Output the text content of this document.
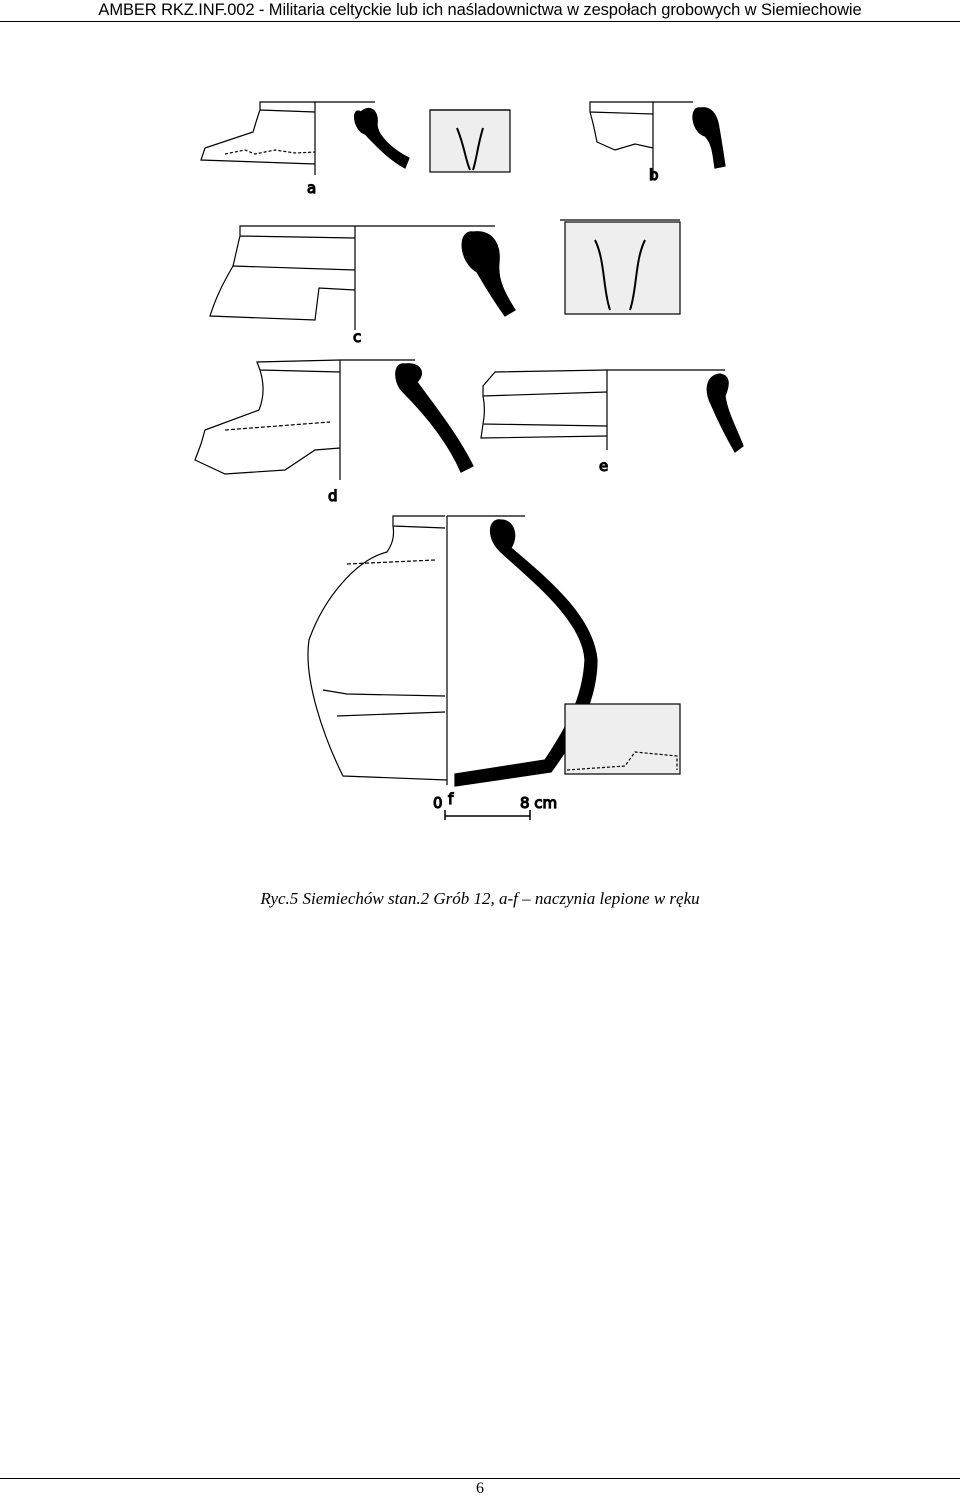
AMBER RKZ.INF.002 - Militaria celtyckie lub ich naśladownictwa w zespołach grobowych w Siemiechowie
a
b
c
d
e
0 f	8 cm
Ryc.5 Siemiechów stan.2 Grób 12, a-f – naczynia lepione w ręku
6
